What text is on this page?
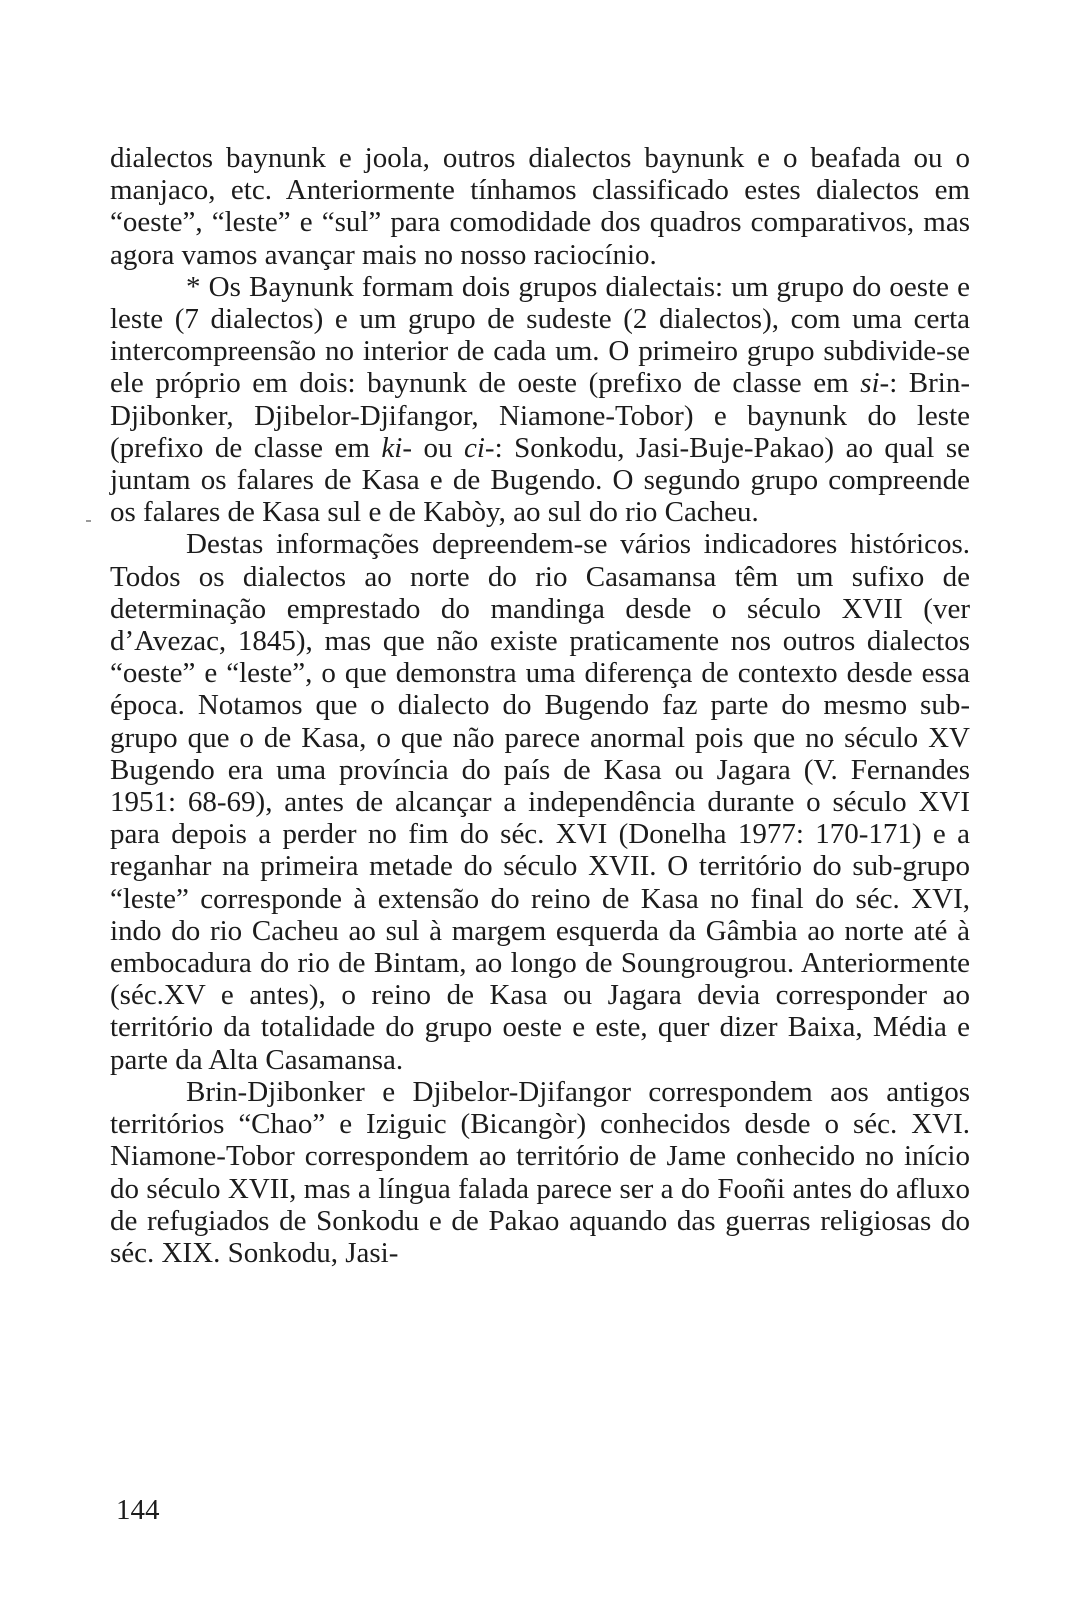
dialectos baynunk e joola, outros dialectos baynunk e o beafada ou o manjaco, etc. Anteriormente tínhamos classificado estes dialectos em “oeste”, “leste” e “sul” para comodidade dos quadros comparativos, mas agora vamos avançar mais no nosso raciocínio.

* Os Baynunk formam dois grupos dialectais: um grupo do oeste e leste (7 dialectos) e um grupo de sudeste (2 dialectos), com uma certa intercompreensão no interior de cada um. O primeiro grupo subdivide-se ele próprio em dois: baynunk de oeste (prefixo de classe em si-: Brin-Djibonker, Djibelor-Djifangor, Niamone-Tobor) e baynunk do leste (prefixo de classe em ki- ou ci-: Sonkodu, Jasi-Buje-Pakao) ao qual se juntam os falares de Kasa e de Bugendo. O segundo grupo compreende os falares de Kasa sul e de Kabòy, ao sul do rio Cacheu.

Destas informações depreendem-se vários indicadores históricos. Todos os dialectos ao norte do rio Casamansa têm um sufixo de determinação emprestado do mandinga desde o século XVII (ver d’Avezac, 1845), mas que não existe praticamente nos outros dialectos “oeste” e “leste”, o que demonstra uma diferença de contexto desde essa época. Notamos que o dialecto do Bugendo faz parte do mesmo sub-grupo que o de Kasa, o que não parece anormal pois que no século XV Bugendo era uma província do país de Kasa ou Jagara (V. Fernandes 1951: 68-69), antes de alcançar a independência durante o século XVI para depois a perder no fim do séc. XVI (Donelha 1977: 170-171) e a reganhar na primeira metade do século XVII. O território do sub-grupo “leste” corresponde à extensão do reino de Kasa no final do séc. XVI, indo do rio Cacheu ao sul à margem esquerda da Gâmbia ao norte até à embocadura do rio de Bintam, ao longo de Soungrougrou. Anteriormente (séc.XV e antes), o reino de Kasa ou Jagara devia corresponder ao território da totalidade do grupo oeste e este, quer dizer Baixa, Média e parte da Alta Casamansa.

Brin-Djibonker e Djibelor-Djifangor correspondem aos antigos territórios “Chao” e Iziguic (Bicangòr) conhecidos desde o séc. XVI. Niamone-Tobor correspondem ao território de Jame conhecido no início do século XVII, mas a língua falada parece ser a do Fooñi antes do afluxo de refugiados de Sonkodu e de Pakao aquando das guerras religiosas do séc. XIX. Sonkodu, Jasi-

144
